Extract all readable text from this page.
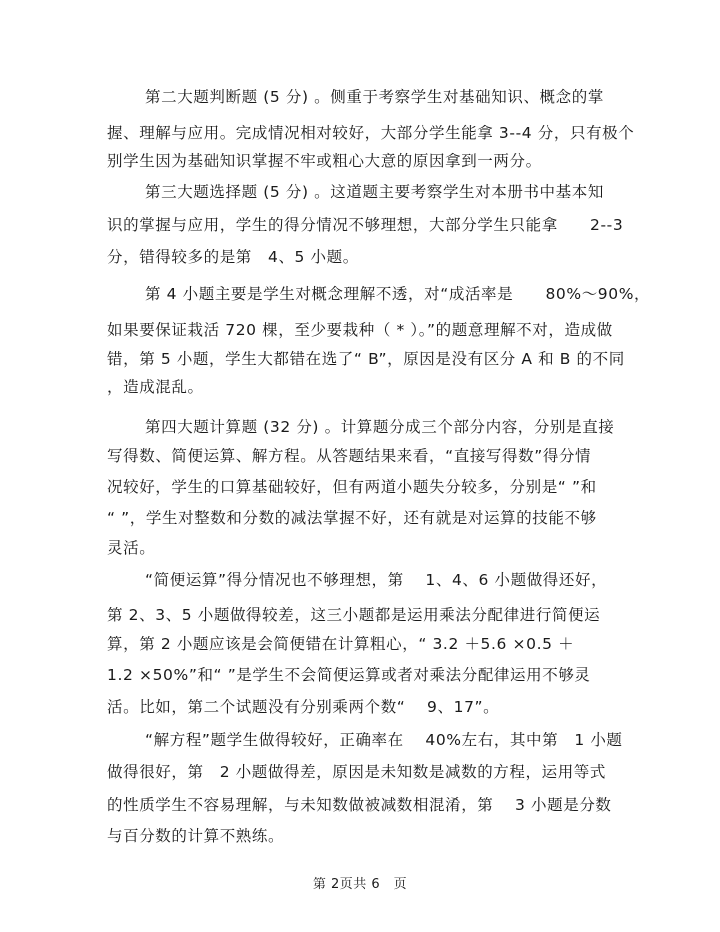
第二大题判断题 (5 分) 。侧重于考察学生对基础知识、概念的掌
握、理解与应用。完成情况相对较好，大部分学生能拿 3--4 分，只有极个
别学生因为基础知识掌握不牢或粗心大意的原因拿到一两分。
第三大题选择题 (5 分) 。这道题主要考察学生对本册书中基本知
识的掌握与应用，学生的得分情况不够理想，大部分学生只能拿　　2--3
分，错得较多的是第　4、5 小题。
第 4 小题主要是学生对概念理解不透，对“成活率是　　80%～90%，
如果要保证栽活 720 棵，至少要栽种（ * ）。”的题意理解不对，造成做
错，第 5 小题，学生大都错在选了“ B”，原因是没有区分 A 和 B 的不同
，造成混乱。
第四大题计算题 (32 分) 。计算题分成三个部分内容，分别是直接
写得数、简便运算、解方程。从答题结果来看，“直接写得数”得分情
况较好，学生的口算基础较好，但有两道小题失分较多，分别是“ ”和
“ ”，学生对整数和分数的减法掌握不好，还有就是对运算的技能不够
灵活。
“简便运算”得分情况也不够理想，第　 1、4、6 小题做得还好，
第 2、3、5 小题做得较差，这三小题都是运用乘法分配律进行简便运
算，第 2 小题应该是会简便错在计算粗心，“ 3.2 ＋5.6 ×0.5 ＋
1.2 ×50%”和“ ”是学生不会简便运算或者对乘法分配律运用不够灵
活。比如，第二个试题没有分别乘两个数“　 9、17”。
“解方程”题学生做得较好，正确率在　 40%左右，其中第　1 小题
做得很好，第　2 小题做得差，原因是未知数是减数的方程，运用等式
的性质学生不容易理解，与未知数做被减数相混淆，第　 3 小题是分数
与百分数的计算不熟练。
第 2页共 6　页
